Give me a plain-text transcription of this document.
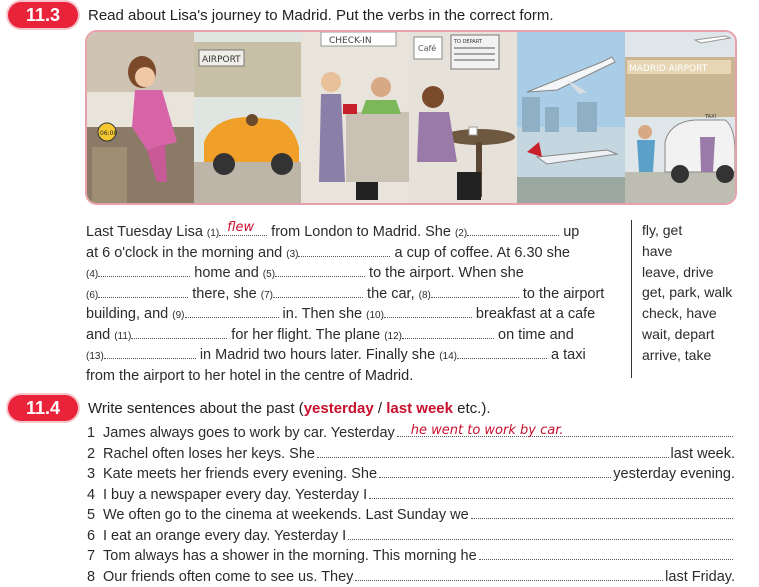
11.3	Read about Lisa's journey to Madrid. Put the verbs in the correct form.
06:00
AIRPORT
CHECK-IN
Café
TO DEPART
MADRID AIRPORT
TAXI
Last Tuesday Lisa (1) flew from London to Madrid. She (2)	up
at 6 o'clock in the morning and (3)	a cup of coffee. At 6.30 she
(4)	home and (5)	to the airport. When she
(6)	there, she (7)	the car, (8)	to the airport
building, and (9)	in. Then she (10)	breakfast at a cafe
and (11)	for her flight. The plane (12)	on time and
(13)	in Madrid two hours later. Finally she (14)	a taxi
from the airport to her hotel in the centre of Madrid.
fly, get
have
leave, drive
get, park, walk
check, have
wait, depart
arrive, take
11.4	Write sentences about the past (yesterday / last week etc.).
1 James always goes to work by car. Yesterday he went to work by car.
2 Rachel often loses her keys. She	last week.
3 Kate meets her friends every evening. She	yesterday evening.
4 I buy a newspaper every day. Yesterday I
5 We often go to the cinema at weekends. Last Sunday we
6 I eat an orange every day. Yesterday I
7 Tom always has a shower in the morning. This morning he
8 Our friends often come to see us. They	last Friday.
